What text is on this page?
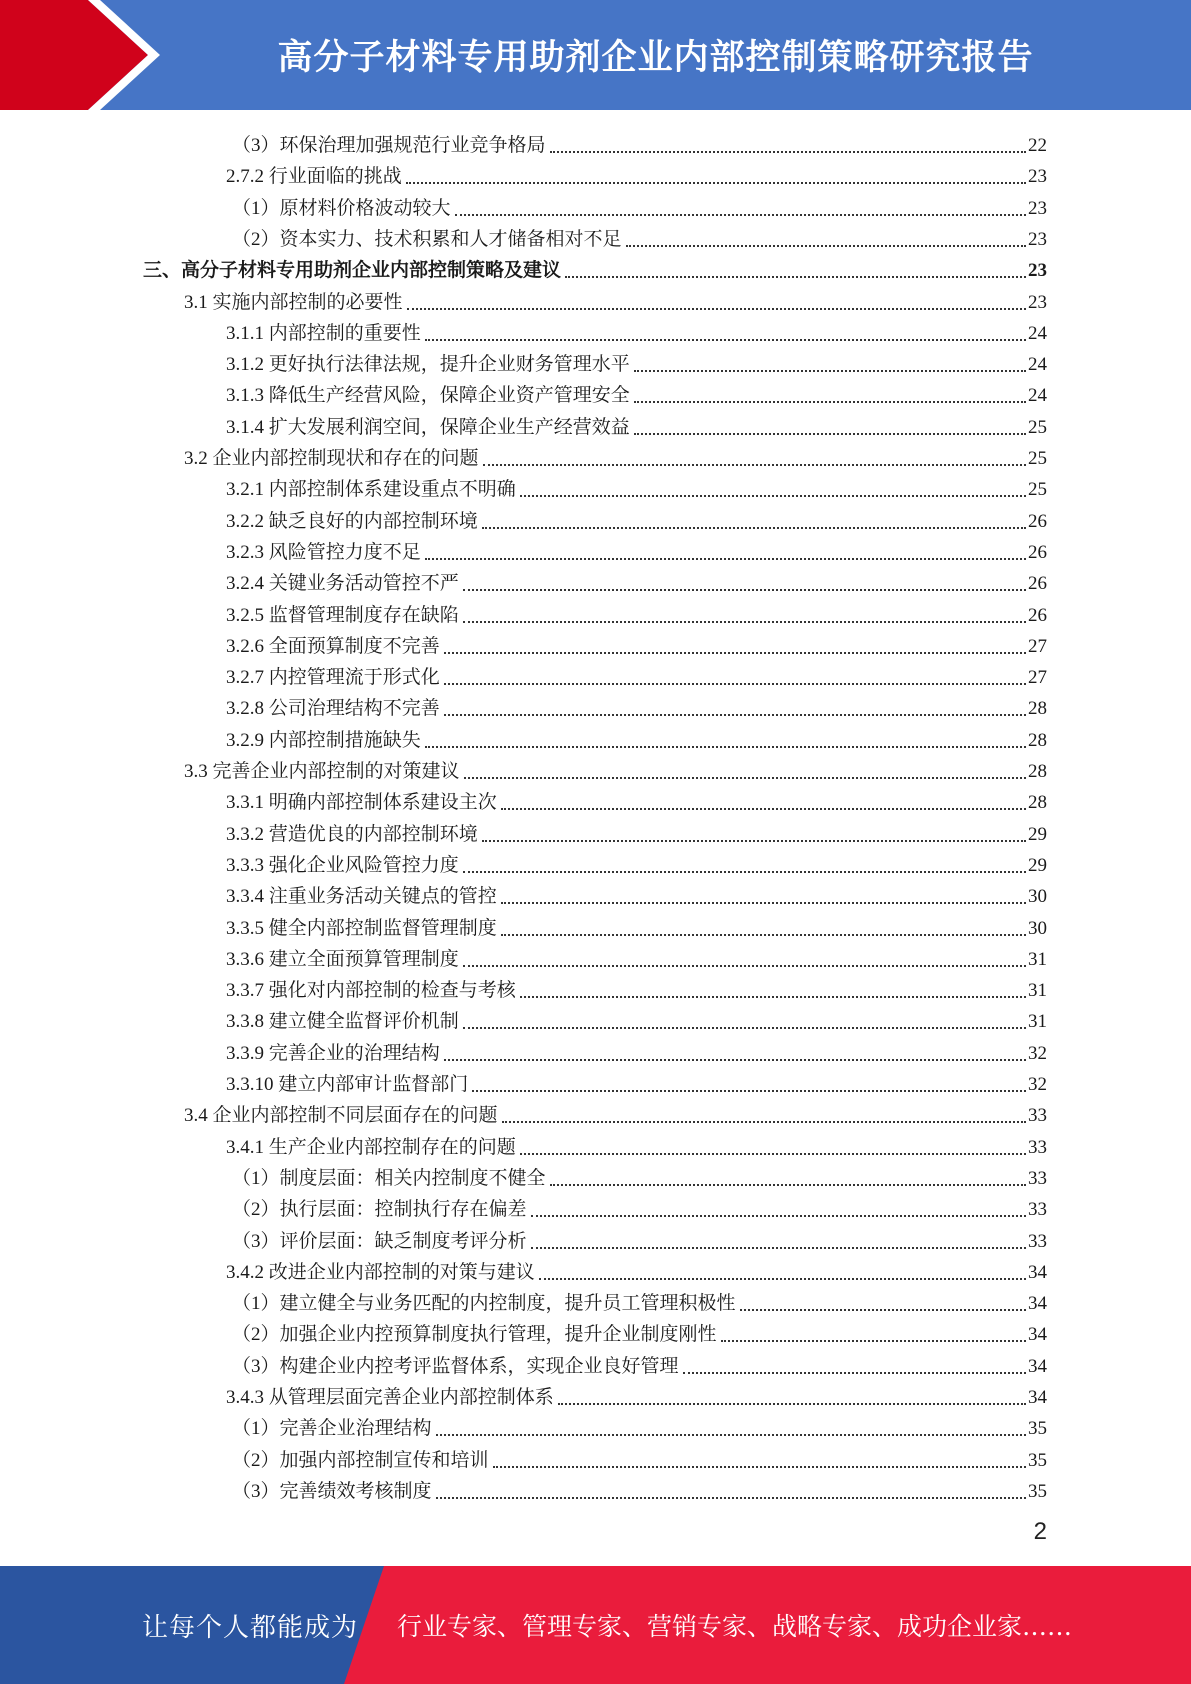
高分子材料专用助剂企业内部控制策略研究报告
（3）环保治理加强规范行业竞争格局	22
2.7.2 行业面临的挑战	23
（1）原材料价格波动较大	23
（2）资本实力、技术积累和人才储备相对不足	23
三、高分子材料专用助剂企业内部控制策略及建议	23
3.1 实施内部控制的必要性	23
3.1.1 内部控制的重要性	24
3.1.2 更好执行法律法规，提升企业财务管理水平	24
3.1.3 降低生产经营风险，保障企业资产管理安全	24
3.1.4 扩大发展利润空间，保障企业生产经营效益	25
3.2 企业内部控制现状和存在的问题	25
3.2.1 内部控制体系建设重点不明确	25
3.2.2 缺乏良好的内部控制环境	26
3.2.3 风险管控力度不足	26
3.2.4 关键业务活动管控不严	26
3.2.5 监督管理制度存在缺陷	26
3.2.6 全面预算制度不完善	27
3.2.7 内控管理流于形式化	27
3.2.8 公司治理结构不完善	28
3.2.9 内部控制措施缺失	28
3.3 完善企业内部控制的对策建议	28
3.3.1 明确内部控制体系建设主次	28
3.3.2 营造优良的内部控制环境	29
3.3.3 强化企业风险管控力度	29
3.3.4 注重业务活动关键点的管控	30
3.3.5 健全内部控制监督管理制度	30
3.3.6 建立全面预算管理制度	31
3.3.7 强化对内部控制的检查与考核	31
3.3.8 建立健全监督评价机制	31
3.3.9 完善企业的治理结构	32
3.3.10 建立内部审计监督部门	32
3.4 企业内部控制不同层面存在的问题	33
3.4.1 生产企业内部控制存在的问题	33
（1）制度层面：相关内控制度不健全	33
（2）执行层面：控制执行存在偏差	33
（3）评价层面：缺乏制度考评分析	33
3.4.2 改进企业内部控制的对策与建议	34
（1）建立健全与业务匹配的内控制度，提升员工管理积极性	34
（2）加强企业内控预算制度执行管理，提升企业制度刚性	34
（3）构建企业内控考评监督体系，实现企业良好管理	34
3.4.3 从管理层面完善企业内部控制体系	34
（1）完善企业治理结构	35
（2）加强内部控制宣传和培训	35
（3）完善绩效考核制度	35
2
让每个人都能成为 行业专家、管理专家、营销专家、战略专家、成功企业家……
